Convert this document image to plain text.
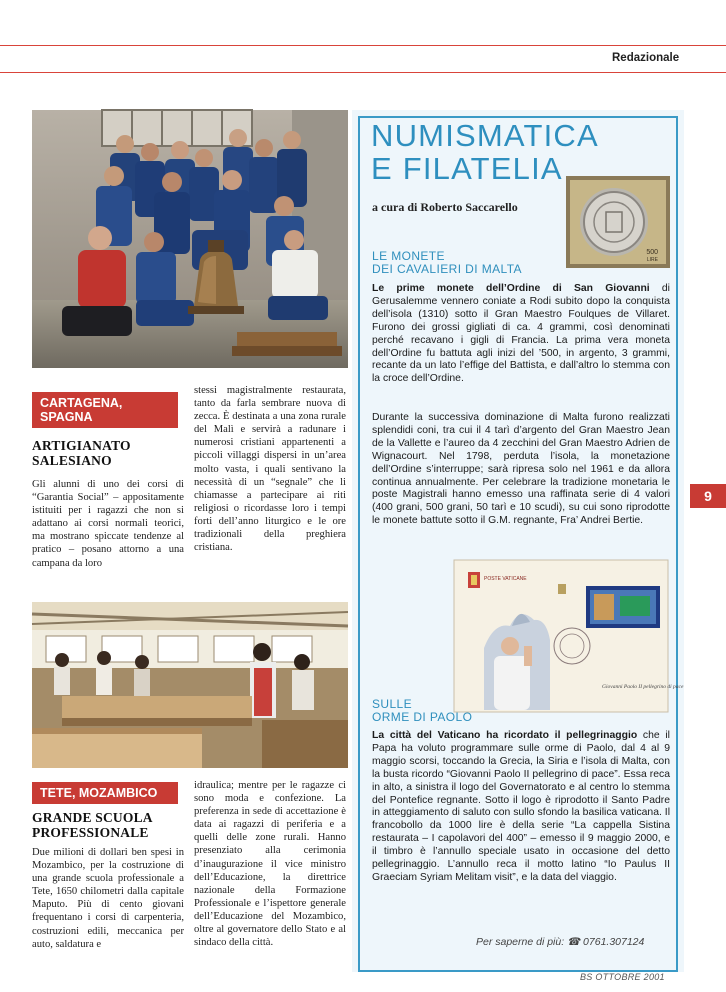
Redazionale
CARTAGENA,
SPAGNA
ARTIGIANATO
SALESIANO
Gli alunni di uno dei corsi di “Garantia Social” – appositamente istituiti per i ragazzi che non si adattano ai corsi normali teorici, ma mostrano spiccate tendenze al pratico – posano attorno a una campana da loro
stessi magistralmente restaurata, tanto da farla sembrare nuova di zecca. È destinata a una zona rurale del Malì e servirà a radunare i numerosi cristiani appartenenti a piccoli villaggi dispersi in un’area molto vasta, i quali sentivano la necessità di un “segnale” che li chiamasse a partecipare ai riti religiosi o ricordasse loro i tempi forti dell’anno liturgico e le ore tradizionali della preghiera cristiana.
TETE, MOZAMBICO
GRANDE SCUOLA
PROFESSIONALE
Due milioni di dollari ben spesi in Mozambico, per la costruzione di una grande scuola professionale a Tete, 1650 chilometri dalla capitale Maputo. Più di cento giovani frequentano i corsi di carpenteria, costruzioni edili, meccanica per auto, saldatura e
idraulica; mentre per le ragazze ci sono moda e confezione. La preferenza in sede di accettazione è data ai ragazzi di periferia e a quelli delle zone rurali. Hanno presenziato alla cerimonia d’inaugurazione il vice ministro dell’Educazione, la direttrice nazionale della Formazione Professionale e l’ispettore generale dell’Educazione del Mozambico, oltre al governatore dello Stato e al sindaco della città.
NUMISMATICA
E FILATELIA
a cura di Roberto Saccarello
500
LIRE
LE MONETE
DEI CAVALIERI DI MALTA
Le prime monete dell’Ordine di San Giovanni di Gerusalemme vennero coniate a Rodi subito dopo la conquista dell’isola (1310) sotto il Gran Maestro Foulques de Villaret. Furono dei grossi gigliati di ca. 4 grammi, così denominati perché recavano i gigli di Francia. La prima vera moneta dell’Ordine fu battuta agli inizi del ’500, in argento, 3 grammi, recante da un lato l’effige del Battista, e dall’altro lo stemma con la croce dell’Ordine.
Durante la successiva dominazione di Malta furono realizzati splendidi coni, tra cui il 4 tarì d’argento del Gran Maestro Jean de la Vallette e l’aureo da 4 zecchini del Gran Maestro Adrien de Wignacourt. Nel 1798, perduta l’isola, la monetazione dell’Ordine s’interruppe; sarà ripresa solo nel 1961 e da allora continua annualmente. Per celebrare la tradizione monetaria le poste Magistrali hanno emesso una raffinata serie di 4 valori (400 grani, 500 grani, 50 tarì e 10 scudi), su cui sono riprodotte le monete battute sotto il G.M. regnante, Fra’ Andrei Bertie.
POSTE VATICANE
Giovanni Paolo II pellegrino di pace
SULLE
ORME DI PAOLO
La città del Vaticano ha ricordato il pellegrinaggio che il Papa ha voluto programmare sulle orme di Paolo, dal 4 al 9 maggio scorsi, toccando la Grecia, la Siria e l’isola di Malta, con la busta ricordo “Giovanni Paolo II pellegrino di pace”. Essa reca in alto, a sinistra il logo del Governatorato e al centro lo stemma del Pontefice regnante. Sotto il logo è riprodotto il Santo Padre in atteggiamento di saluto con sullo sfondo la basilica vaticana. Il francobollo da 1000 lire è della serie “La cappella Sistina restaurata – I capolavori del 400” – emesso il 9 maggio 2000, e il timbro è l’annullo speciale usato in occasione del detto pellegrinaggio. L’annullo reca il motto latino “Io Paulus II Graeciam Syriam Melitam visit”, e la data del viaggio.
Per saperne di più: ☎ 0761.307124
9
BS OTTOBRE 2001
